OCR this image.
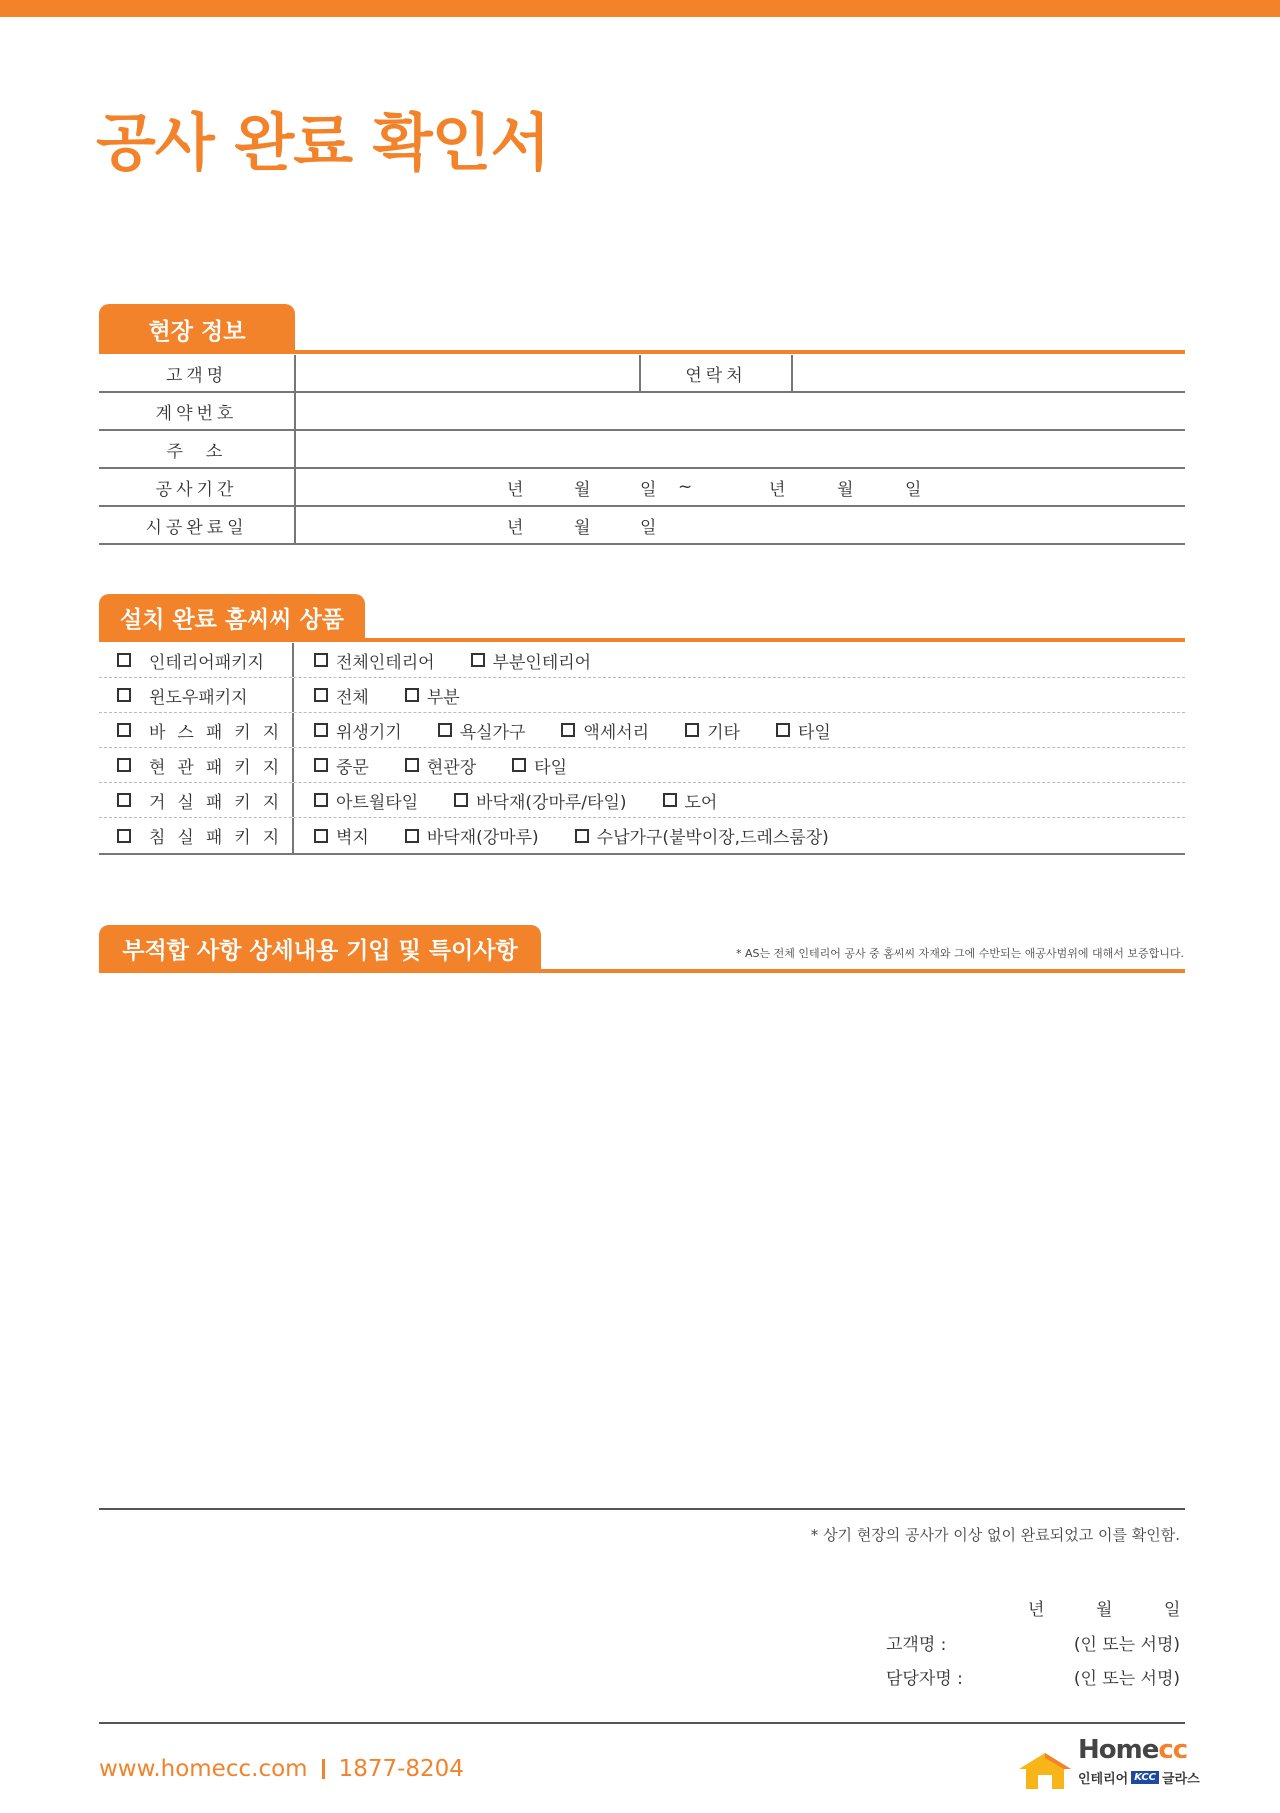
공사 완료 확인서
현장 정보
고객명	연락처
계약번호
주  소
공사기간	년	월	일 ~	년	월	일
시공완료일	년	월	일
설치 완료 홈씨씨 상품
인테리어패키지	전체인테리어	부분인테리어
윈도우패키지	전체	부분
바스패키지	위생기기	욕실가구	액세서리	기타	타일
현관패키지	중문	현관장	타일
거실패키지	아트월타일	바닥재(강마루/타일)	도어
침실패키지	벽지	바닥재(강마루)	수납가구(붙박이장,드레스룸장)
부적합 사항 상세내용 기입 및 특이사항	* AS는 전체 인테리어 공사 중 홈씨씨 자재와 그에 수반되는 애공사범위에 대해서 보증합니다.
* 상기 현장의 공사가 이상 없이 완료되었고 이를 확인함.
년	월	일
고객명 :	(인 또는 서명)
담당자명 :	(인 또는 서명)
www.homecc.com 1877-8204
Homecc
인테리어 KCC 글라스
